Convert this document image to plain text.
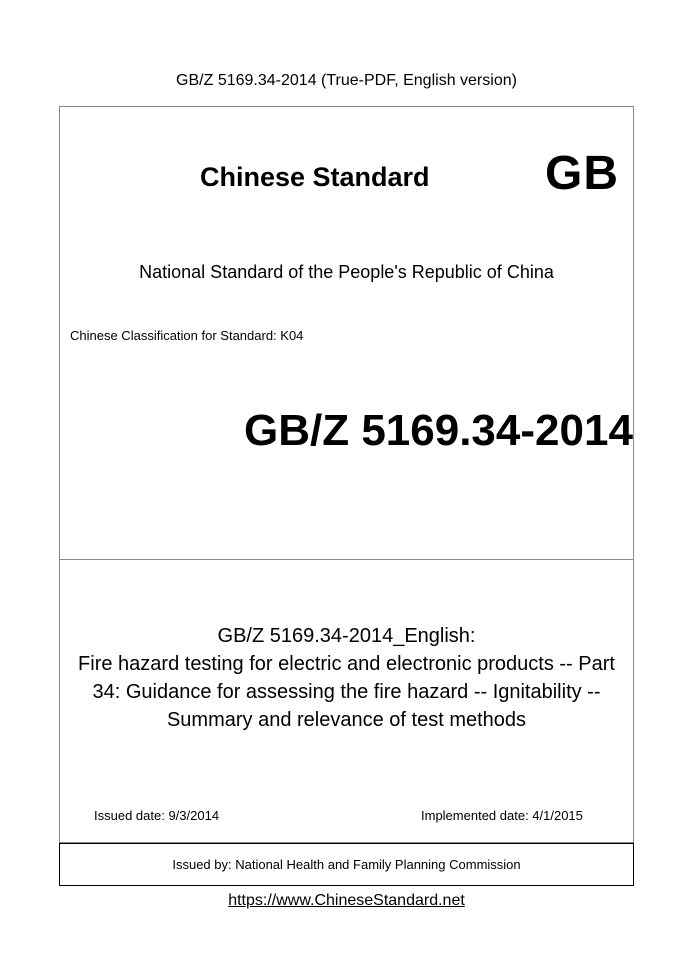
GB/Z 5169.34-2014 (True-PDF, English version)
Chinese Standard GB
National Standard of the People's Republic of China
Chinese Classification for Standard: K04
GB/Z 5169.34-2014
GB/Z 5169.34-2014_English:
Fire hazard testing for electric and electronic products -- Part
34: Guidance for assessing the fire hazard -- Ignitability --
Summary and relevance of test methods
Issued date: 9/3/2014	Implemented date: 4/1/2015
Issued by: National Health and Family Planning Commission
https://www.ChineseStandard.net
